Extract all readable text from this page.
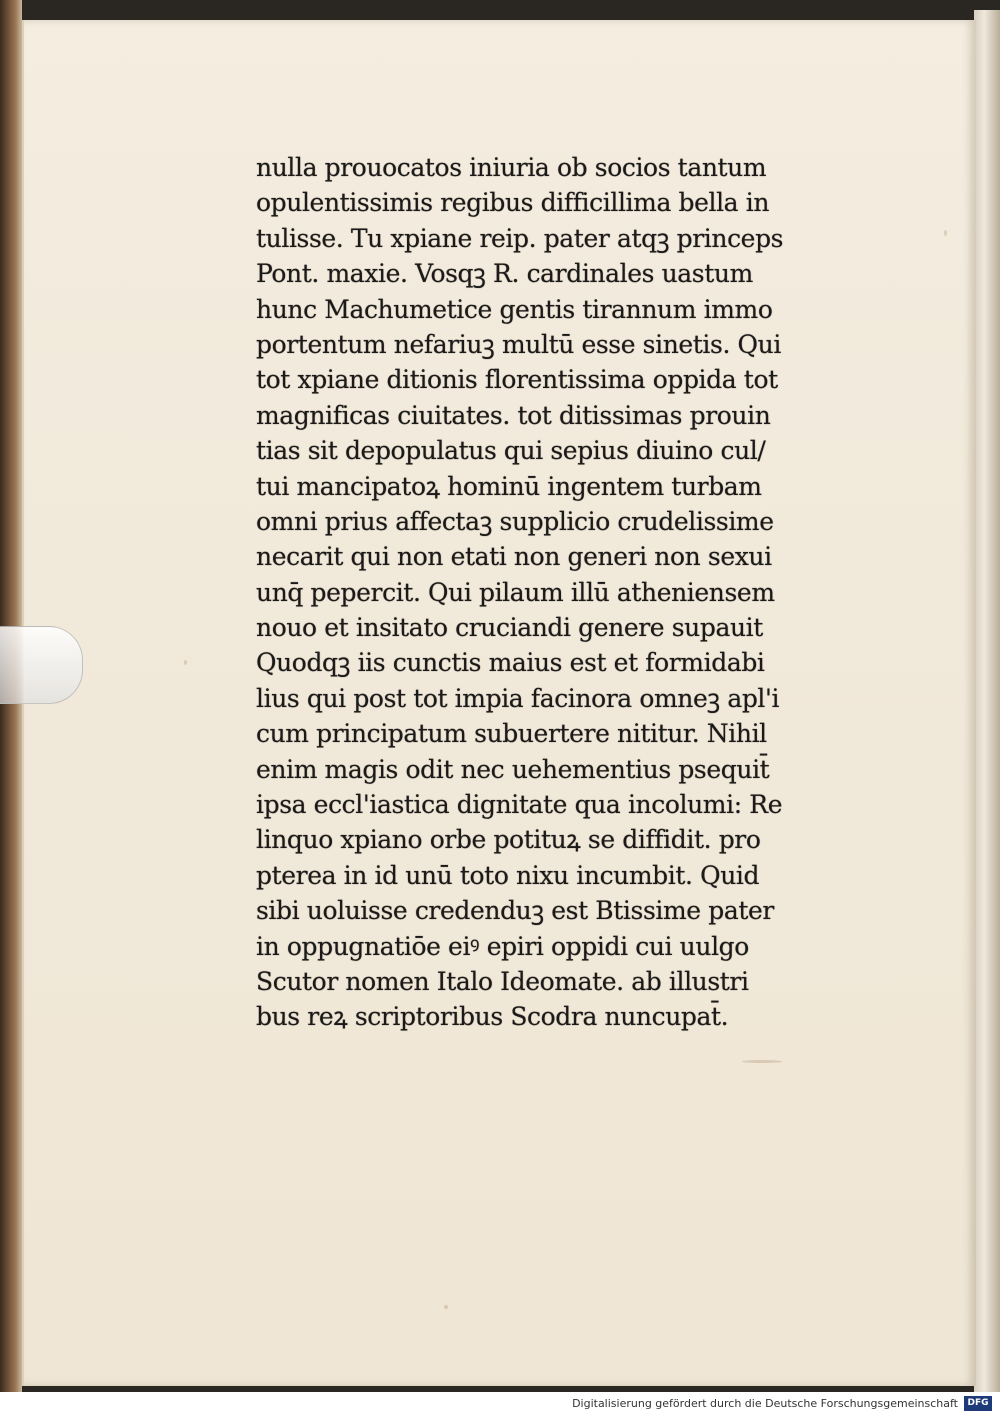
nulla prouocatos iniuria ob socios tantum
opulentissimis regibus difficillima bella in
tulisse. Tu xpiane reip. pater atqꝫ princeps
Pont. maxie. Vosqꝫ R. cardinales uastum
hunc Machumetice gentis tirannum immo
portentum nefariuꝫ multū esse sinetis. Qui
tot xpiane ditionis florentissima oppida tot
magnificas ciuitates. tot ditissimas prouin
tias sit depopulatus qui sepius diuino cul/
tui mancipatoꝝ hominū ingentem turbam
omni prius affectaꝫ supplicio crudelissime
necarit qui non etati non generi non sexui
unq̄ pepercit. Qui pilaum illū atheniensem
nouo et insitato cruciandi genere supauit
Quodqꝫ iis cunctis maius est et formidabi
lius qui post tot impia facinora omneꝫ apl'i
cum principatum subuertere nititur. Nihil
enim magis odit nec uehementius psequit̄
ipsa eccl'iastica dignitate qua incolumi: Re
linquo xpiano orbe potituꝝ se diffidit. pro
pterea in id unū toto nixu incumbit. Quid
sibi uoluisse credenduꝫ est Btissime pater
in oppugnatiōe eiꝰ epiri oppidi cui uulgo
Scutor nomen Italo Ideomate. ab illustri
bus reꝝ scriptoribus Scodra nuncupat̄.
Digitalisierung gefördert durch die Deutsche Forschungsgemeinschaft	DFG
